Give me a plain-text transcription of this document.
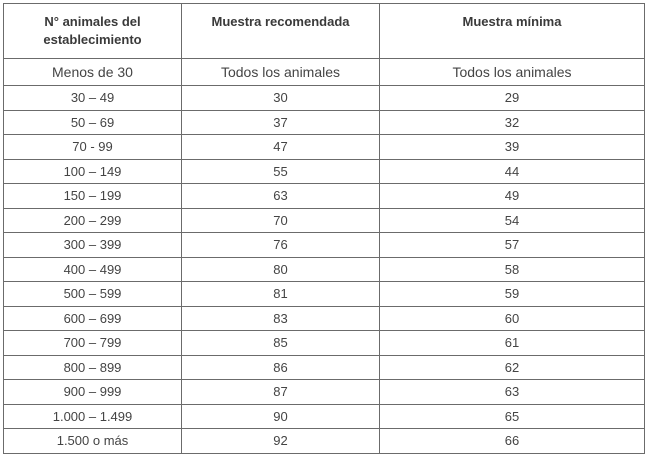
N° animales del establecimiento	Muestra recomendada	Muestra mínima
Menos de 30	Todos los animales	Todos los animales
30 – 49	30	29
50 – 69	37	32
70 - 99	47	39
100 – 149	55	44
150 – 199	63	49
200 – 299	70	54
300 – 399	76	57
400 – 499	80	58
500 – 599	81	59
600 – 699	83	60
700 – 799	85	61
800 – 899	86	62
900 – 999	87	63
1.000 – 1.499	90	65
1.500 o más	92	66
